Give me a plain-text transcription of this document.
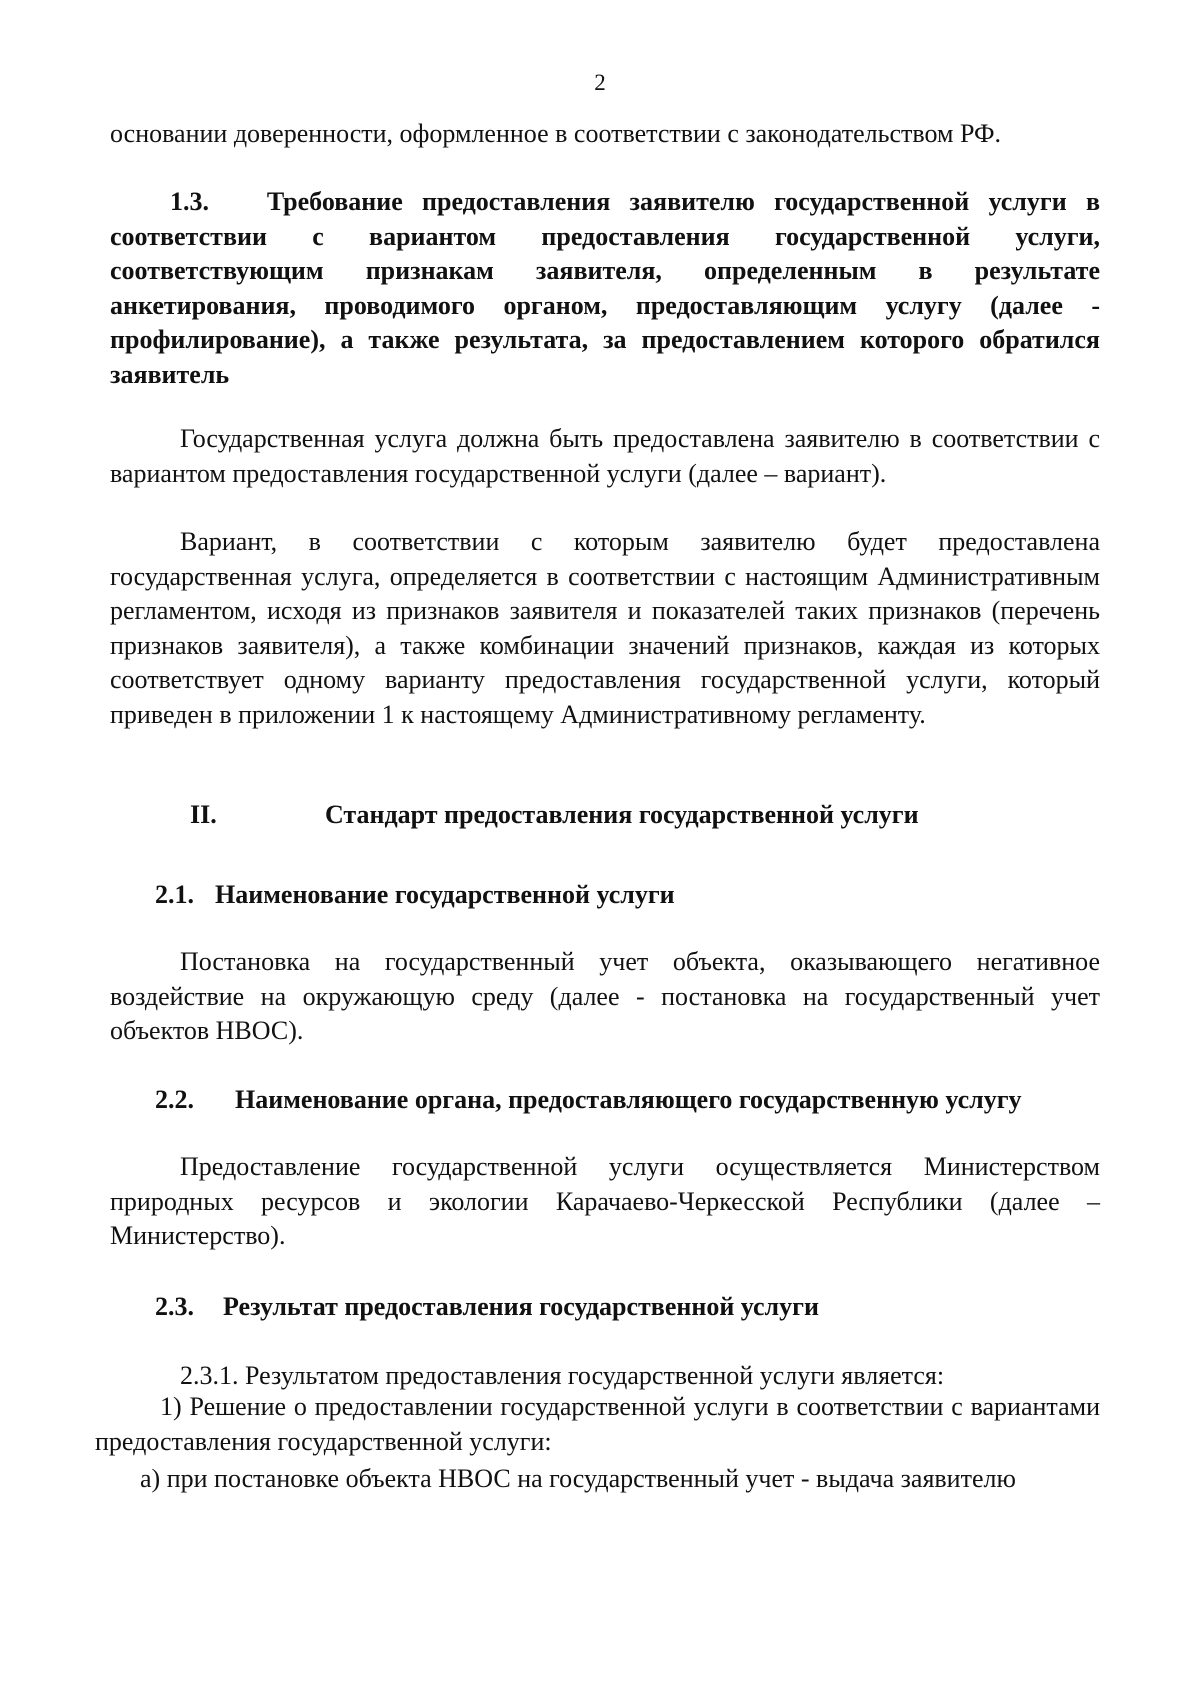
2
основании доверенности, оформленное в соответствии с законодательством РФ.
1.3. Требование предоставления заявителю государственной услуги в соответствии с вариантом предоставления государственной услуги, соответствующим признакам заявителя, определенным в результате анкетирования, проводимого органом, предоставляющим услугу (далее - профилирование), а также результата, за предоставлением которого обратился заявитель
Государственная услуга должна быть предоставлена заявителю в соответствии с вариантом предоставления государственной услуги (далее – вариант).
Вариант, в соответствии с которым заявителю будет предоставлена государственная услуга, определяется в соответствии с настоящим Административным регламентом, исходя из признаков заявителя и показателей таких признаков (перечень признаков заявителя), а также комбинации значений признаков, каждая из которых соответствует одному варианту предоставления государственной услуги, который приведен в приложении 1 к настоящему Административному регламенту.
II.	Стандарт предоставления государственной услуги
2.1. Наименование государственной услуги
Постановка на государственный учет объекта, оказывающего негативное воздействие на окружающую среду (далее - постановка на государственный учет объектов НВОС).
2.2. Наименование органа, предоставляющего государственную услугу
Предоставление государственной услуги осуществляется Министерством природных ресурсов и экологии Карачаево-Черкесской Республики (далее – Министерство).
2.3. Результат предоставления государственной услуги
2.3.1. Результатом предоставления государственной услуги является:
1) Решение о предоставлении государственной услуги в соответствии с вариантами предоставления государственной услуги:
а) при постановке объекта НВОС на государственный учет - выдача заявителю
